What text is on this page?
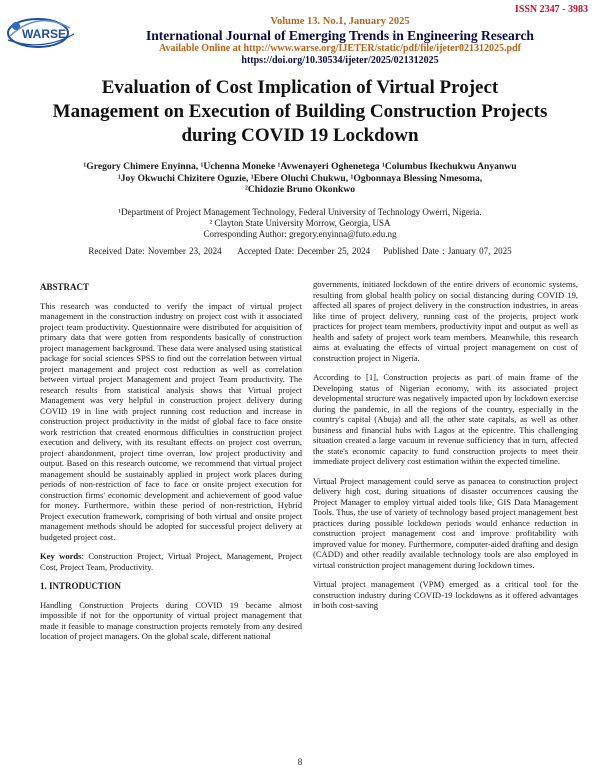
ISSN 2347 - 3983
WARSE
Volume 13. No.1, January 2025
International Journal of Emerging Trends in Engineering Research
Available Online at http://www.warse.org/IJETER/static/pdf/file/ijeter021312025.pdf
https://doi.org/10.30534/ijeter/2025/021312025
Evaluation of Cost Implication of Virtual Project
Management on Execution of Building Construction Projects
during COVID 19 Lockdown
¹Gregory Chimere Enyinna, ¹Uchenna Moneke ¹Avwenayeri Oghenetega ¹Columbus Ikechukwu Anyanwu
¹Joy Okwuchi Chizitere Oguzie, ¹Ebere Oluchi Chukwu, ¹Ogbonnaya Blessing Nmesoma,
²Chidozie Bruno Okonkwo
¹Department of Project Management Technology, Federal University of Technology Owerri, Nigeria.
² Clayton State University Morrow, Georgia, USA
Corresponding Author: gregory.enyinna@futo.edu.ng
Received Date: November 23, 2024 Accepted Date: December 25, 2024 Published Date : January 07, 2025
ABSTRACT
This research was conducted to verify the impact of virtual project management in the construction industry on project cost with it associated project team productivity. Questionnaire were distributed for acquisition of primary data that were gotten from respondents basically of construction project management background. These data were analysed using statistical package for social sciences SPSS to find out the correlation between virtual project management and project cost reduction as well as correlation between virtual project Management and project Team productivity. The research results from statistical analysis shows that Virtual project Management was very helpful in construction project delivery during COVID 19 in line with project running cost reduction and increase in construction project productivity in the midst of global face to face onsite work restriction that created enormous difficulties in construction project execution and delivery, with its resultant effects on project cost overrun, project abandonment, project time overran, low project productivity and output. Based on this research outcome, we recommend that virtual project management should be sustainably applied in project work places during periods of non-restriction of face to face or onsite project execution for construction firms' economic development and achievement of good value for money. Furthermore, within these period of non-restriction, Hybrid Project execution framework, comprising of both virtual and onsite project management methods should be adopted for successful project delivery at budgeted project cost.
Key words: Construction Project, Virtual Project, Management, Project Cost, Project Team, Productivity.
1. INTRODUCTION
Handling Construction Projects during COVID 19 became almost impossible if not for the opportunity of virtual project management that made it feasible to manage construction projects remotely from any desired location of project managers. On the global scale, different national
governments, initiated lockdown of the entire drivers of economic systems, resulting from global health policy on social distancing during COVID 19, affected all spares of project delivery in the construction industries, in areas like time of project delivery, running cost of the projects, project work practices for project team members, productivity input and output as well as health and safety of project work team members. Meanwhile, this research aims at evaluating the effects of virtual project management on cost of construction project in Nigeria.
According to [1], Construction projects as part of main frame of the Developing status of Nigerian economy, with its associated project developmental structure was negatively impacted upon by lockdown exercise during the pandemic, in all the regions of the country, especially in the country's capital (Abuja) and all the other state capitals, as well as other business and financial hubs with Lagos at the epicentre. This challenging situation created a large vacuum in revenue sufficiency that in turn, affected the state's economic capacity to fund construction projects to meet their immediate project delivery cost estimation within the expected timeline.
Virtual Project management could serve as panacea to construction project delivery high cost, during situations of disaster occurrences causing the Project Manager to employ virtual aided tools like, GIS Data Management Tools. Thus, the use of variety of technology based project management best practices during possible lockdown periods would enhance reduction in construction project management cost and improve profitability with improved value for money. Furthermore, computer-aided drafting and design (CADD) and other readily available technology tools are also employed in virtual construction project management during lockdown times.
Virtual project management (VPM) emerged as a critical tool for the construction industry during COVID-19 lockdowns as it offered advantages in both cost-saving
8
